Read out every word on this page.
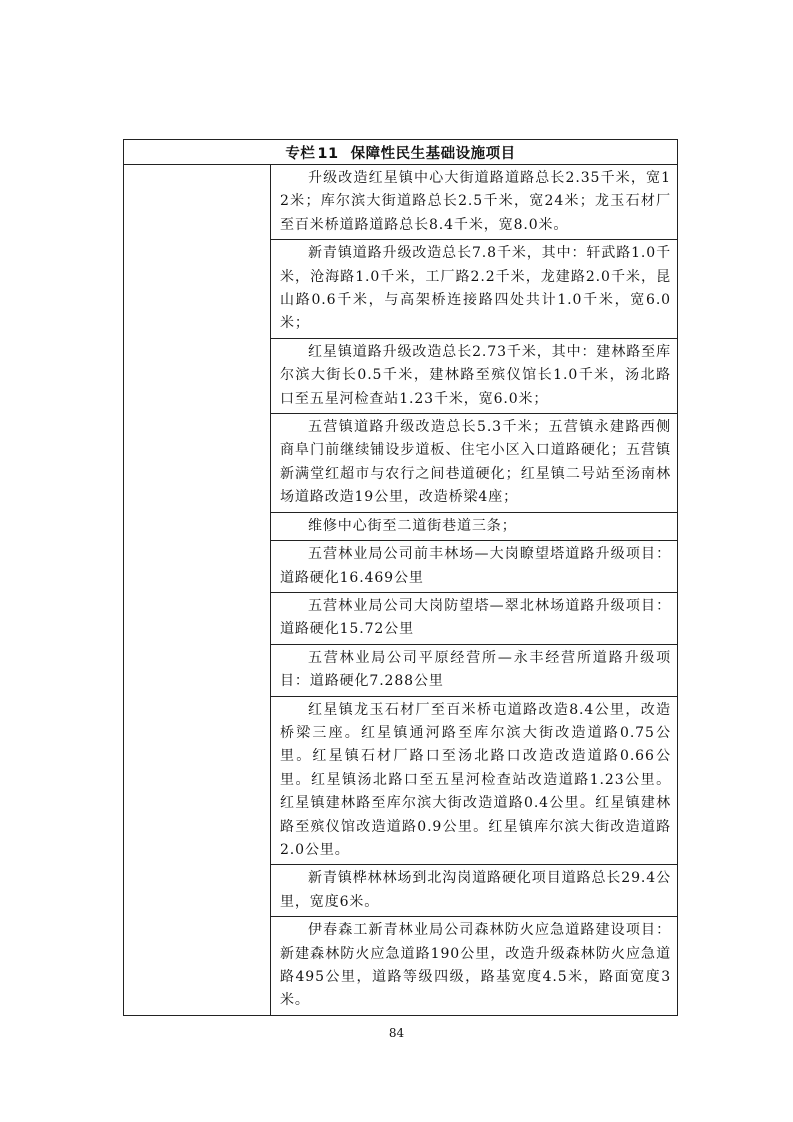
专栏 11 保障性民生基础设施项目

升级改造红星镇中心大街道路道路总长2.35千米，宽12米；库尔滨大街道路总长2.5千米，宽24米；龙玉石材厂至百米桥道路道路总长8.4千米，宽8.0米。

新青镇道路升级改造总长7.8千米，其中：轩武路1.0千米，沧海路1.0千米，工厂路2.2千米，龙建路2.0千米，昆山路0.6千米，与高架桥连接路四处共计1.0千米，宽6.0米；

红星镇道路升级改造总长2.73千米，其中：建林路至库尔滨大街长0.5千米，建林路至殡仪馆长1.0千米，汤北路口至五星河检查站1.23千米，宽6.0米；

五营镇道路升级改造总长5.3千米；五营镇永建路西侧商阜门前继续铺设步道板、住宅小区入口道路硬化；五营镇新满堂红超市与农行之间巷道硬化；红星镇二号站至汤南林场道路改造19公里，改造桥梁4座；

维修中心街至二道街巷道三条；

五营林业局公司前丰林场—大岗瞭望塔道路升级项目：道路硬化16.469公里

五营林业局公司大岗防望塔—翠北林场道路升级项目：道路硬化15.72公里

五营林业局公司平原经营所—永丰经营所道路升级项目：道路硬化7.288公里

红星镇龙玉石材厂至百米桥屯道路改造8.4公里，改造桥梁三座。红星镇通河路至库尔滨大街改造道路0.75公里。红星镇石材厂路口至汤北路口改造改造道路0.66公里。红星镇汤北路口至五星河检查站改造道路1.23公里。红星镇建林路至库尔滨大街改造道路0.4公里。红星镇建林路至殡仪馆改造道路0.9公里。红星镇库尔滨大街改造道路2.0公里。

新青镇桦林林场到北沟岗道路硬化项目道路总长29.4公里，宽度6米。

伊春森工新青林业局公司森林防火应急道路建设项目：新建森林防火应急道路190公里，改造升级森林防火应急道路495公里，道路等级四级，路基宽度4.5米，路面宽度3米。
84
